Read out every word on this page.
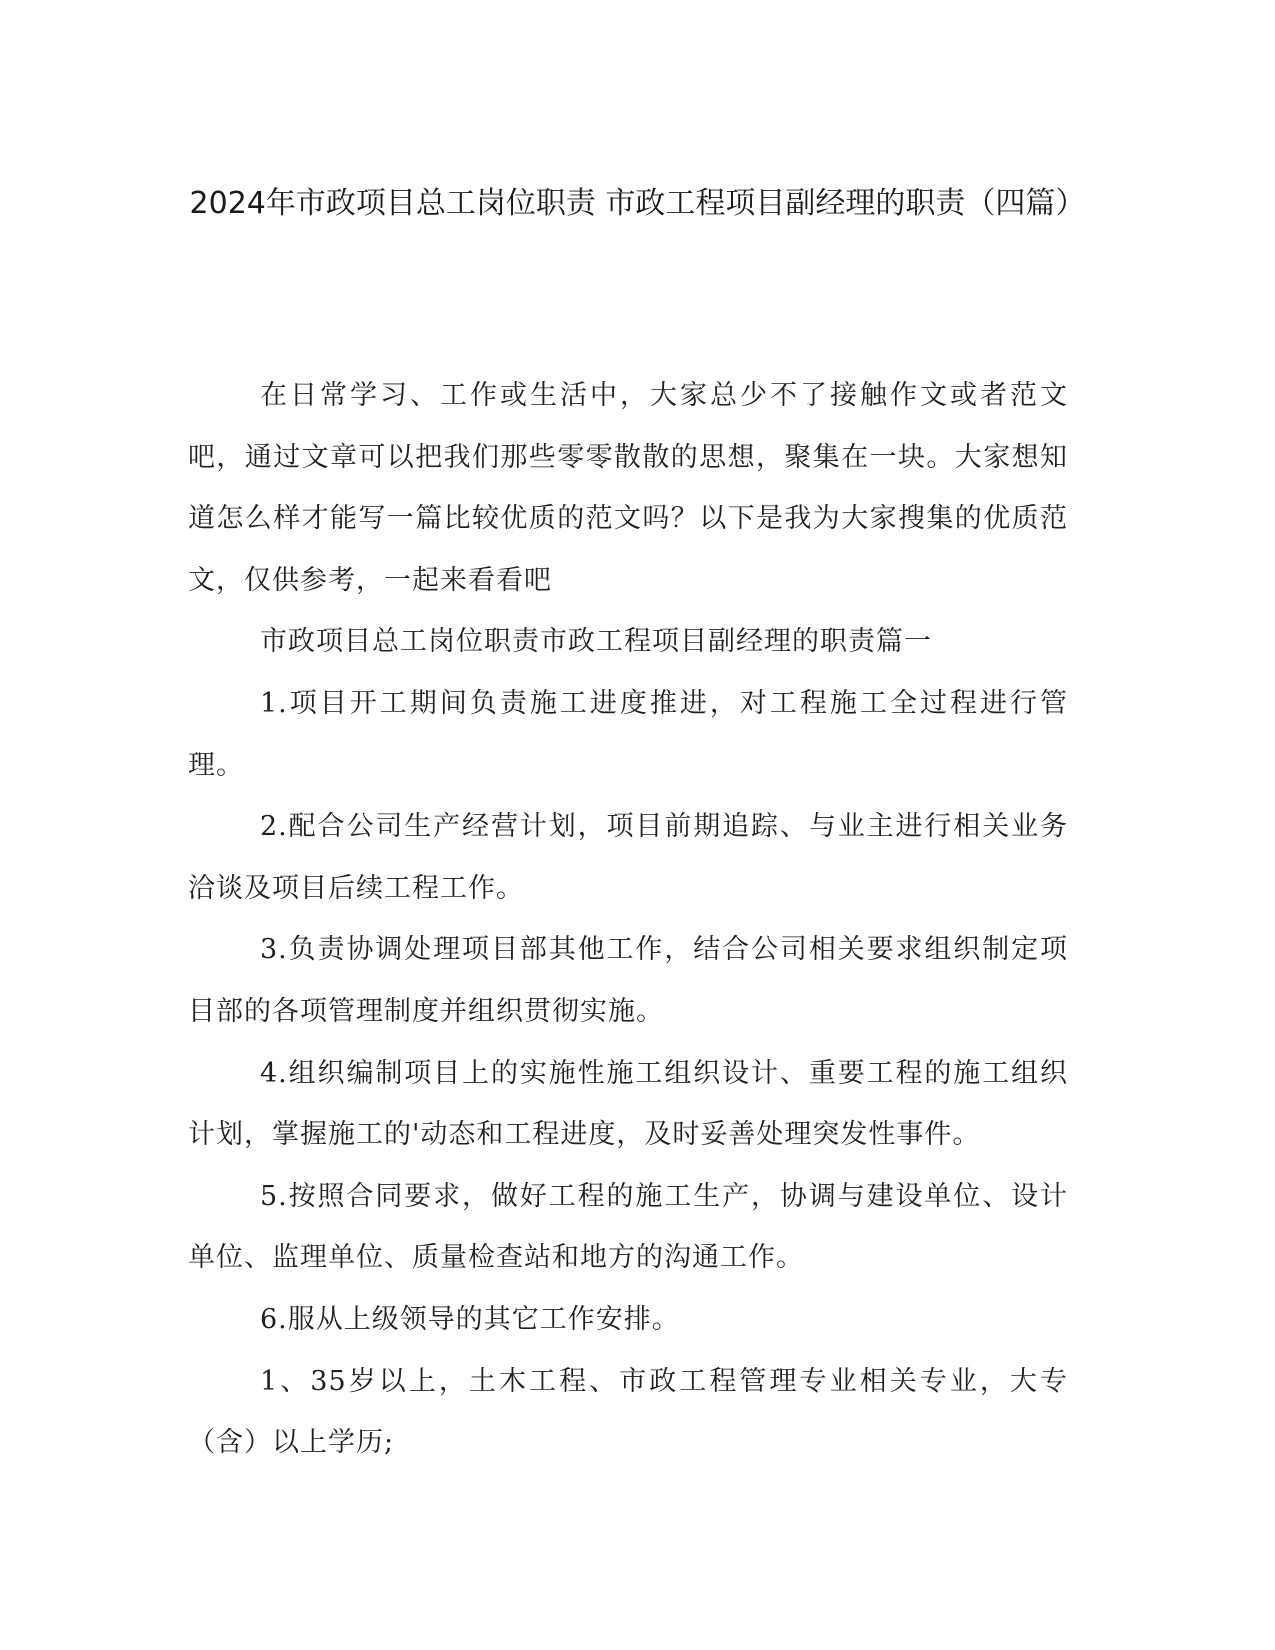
2024年市政项目总工岗位职责 市政工程项目副经理的职责（四篇）

在日常学习、工作或生活中，大家总少不了接触作文或者范文吧，通过文章可以把我们那些零零散散的思想，聚集在一块。大家想知道怎么样才能写一篇比较优质的范文吗？以下是我为大家搜集的优质范文，仅供参考，一起来看看吧

市政项目总工岗位职责市政工程项目副经理的职责篇一

1.项目开工期间负责施工进度推进，对工程施工全过程进行管理。

2.配合公司生产经营计划，项目前期追踪、与业主进行相关业务洽谈及项目后续工程工作。

3.负责协调处理项目部其他工作，结合公司相关要求组织制定项目部的各项管理制度并组织贯彻实施。

4.组织编制项目上的实施性施工组织设计、重要工程的施工组织计划，掌握施工的'动态和工程进度，及时妥善处理突发性事件。

5.按照合同要求，做好工程的施工生产，协调与建设单位、设计单位、监理单位、质量检查站和地方的沟通工作。

6.服从上级领导的其它工作安排。

1、35岁以上，土木工程、市政工程管理专业相关专业，大专（含）以上学历;
